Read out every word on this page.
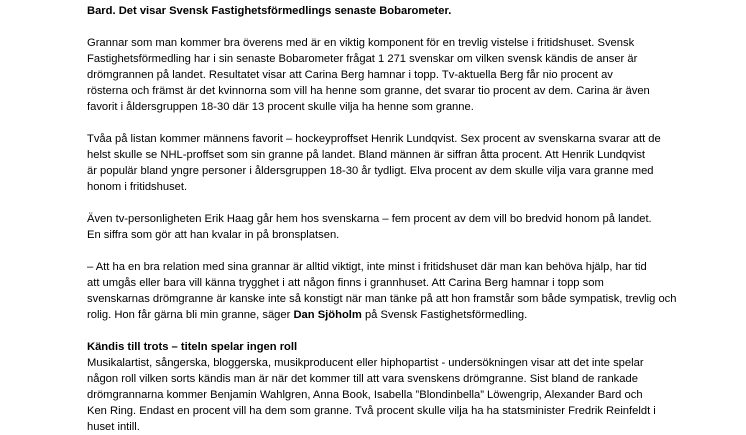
Bard. Det visar Svensk Fastighetsförmedlings senaste Bobarometer.
Grannar som man kommer bra överens med är en viktig komponent för en trevlig vistelse i fritidshuset. Svensk
Fastighetsförmedling har i sin senaste Bobarometer frågat 1 271 svenskar om vilken svensk kändis de anser är
drömgrannen på landet. Resultatet visar att Carina Berg hamnar i topp. Tv-aktuella Berg får nio procent av
rösterna och främst är det kvinnorna som vill ha henne som granne, det svarar tio procent av dem. Carina är även
favorit i åldersgruppen 18-30 där 13 procent skulle vilja ha henne som granne.
Tvåa på listan kommer männens favorit – hockeyproffset Henrik Lundqvist. Sex procent av svenskarna svarar att de
helst skulle se NHL-proffset som sin granne på landet. Bland männen är siffran åtta procent. Att Henrik Lundqvist
är populär bland yngre personer i åldersgruppen 18-30 år tydligt. Elva procent av dem skulle vilja vara granne med
honom i fritidshuset.
Även tv-personligheten Erik Haag går hem hos svenskarna – fem procent av dem vill bo bredvid honom på landet.
En siffra som gör att han kvalar in på bronsplatsen.
– Att ha en bra relation med sina grannar är alltid viktigt, inte minst i fritidshuset där man kan behöva hjälp, har tid
att umgås eller bara vill känna trygghet i att någon finns i grannhuset. Att Carina Berg hamnar i topp som
svenskarnas drömgranne är kanske inte så konstigt när man tänke på att hon framstår som både sympatisk, trevlig och
rolig. Hon får gärna bli min granne, säger Dan Sjöholm på Svensk Fastighetsförmedling.
Kändis till trots – titeln spelar ingen roll
Musikalartist, sångerska, bloggerska, musikproducent eller hiphopartist - undersökningen visar att det inte spelar
någon roll vilken sorts kändis man är när det kommer till att vara svenskens drömgranne. Sist bland de rankade
drömgrannarna kommer Benjamin Wahlgren, Anna Book, Isabella ”Blondinbella” Löwengrip, Alexander Bard och
Ken Ring. Endast en procent vill ha dem som granne. Två procent skulle vilja ha ha statsminister Fredrik Reinfeldt i
huset intill.
